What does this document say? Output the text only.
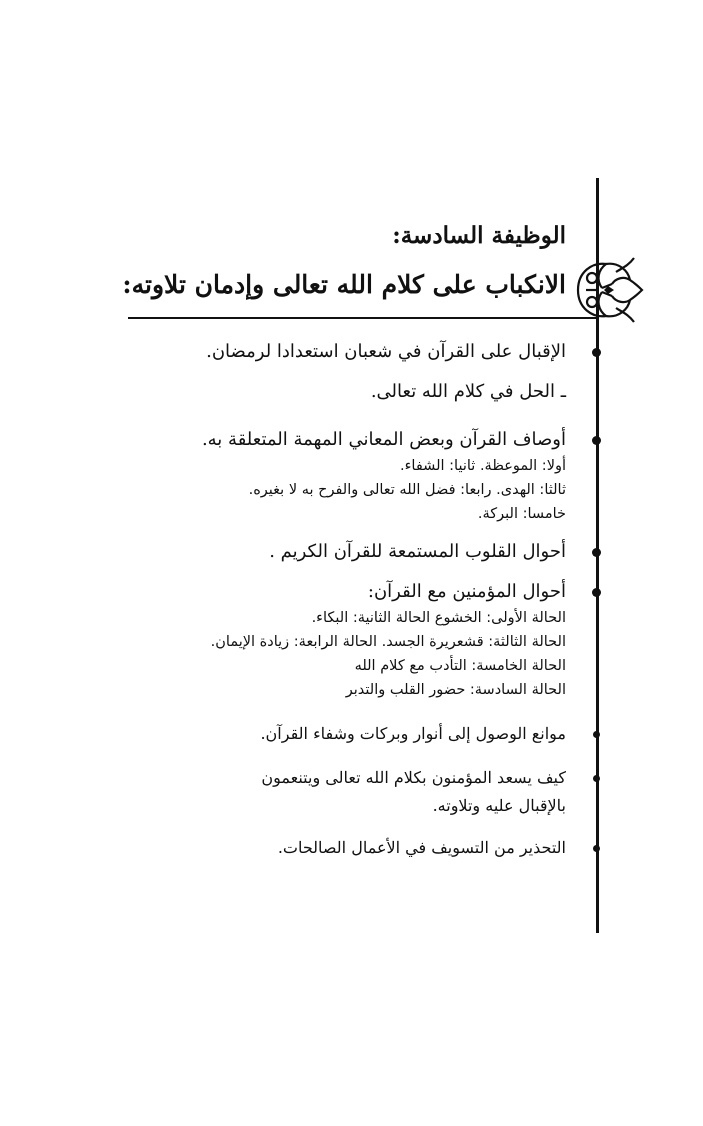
الوظيفة السادسة:
الانكباب على كلام الله تعالى وإدمان تلاوته:
الإقبال على القرآن في شعبان استعدادا لرمضان.
ـ الحل في كلام الله تعالى.
أوصاف القرآن وبعض المعاني المهمة المتعلقة به.
أولا: الموعظة. ثانيا: الشفاء.
ثالثا: الهدى. رابعا: فضل الله تعالى والفرح به لا بغيره.
خامسا: البركة.
أحوال القلوب المستمعة للقرآن الكريم .
أحوال المؤمنين مع القرآن:
الحالة الأولى: الخشوع الحالة الثانية: البكاء.
الحالة الثالثة: قشعريرة الجسد. الحالة الرابعة: زيادة الإيمان.
الحالة الخامسة: التأدب مع كلام الله
الحالة السادسة: حضور القلب والتدبر
موانع الوصول إلى أنوار وبركات وشفاء القرآن.
كيف يسعد المؤمنون بكلام الله تعالى ويتنعمون
بالإقبال عليه وتلاوته.
التحذير من التسويف في الأعمال الصالحات.
